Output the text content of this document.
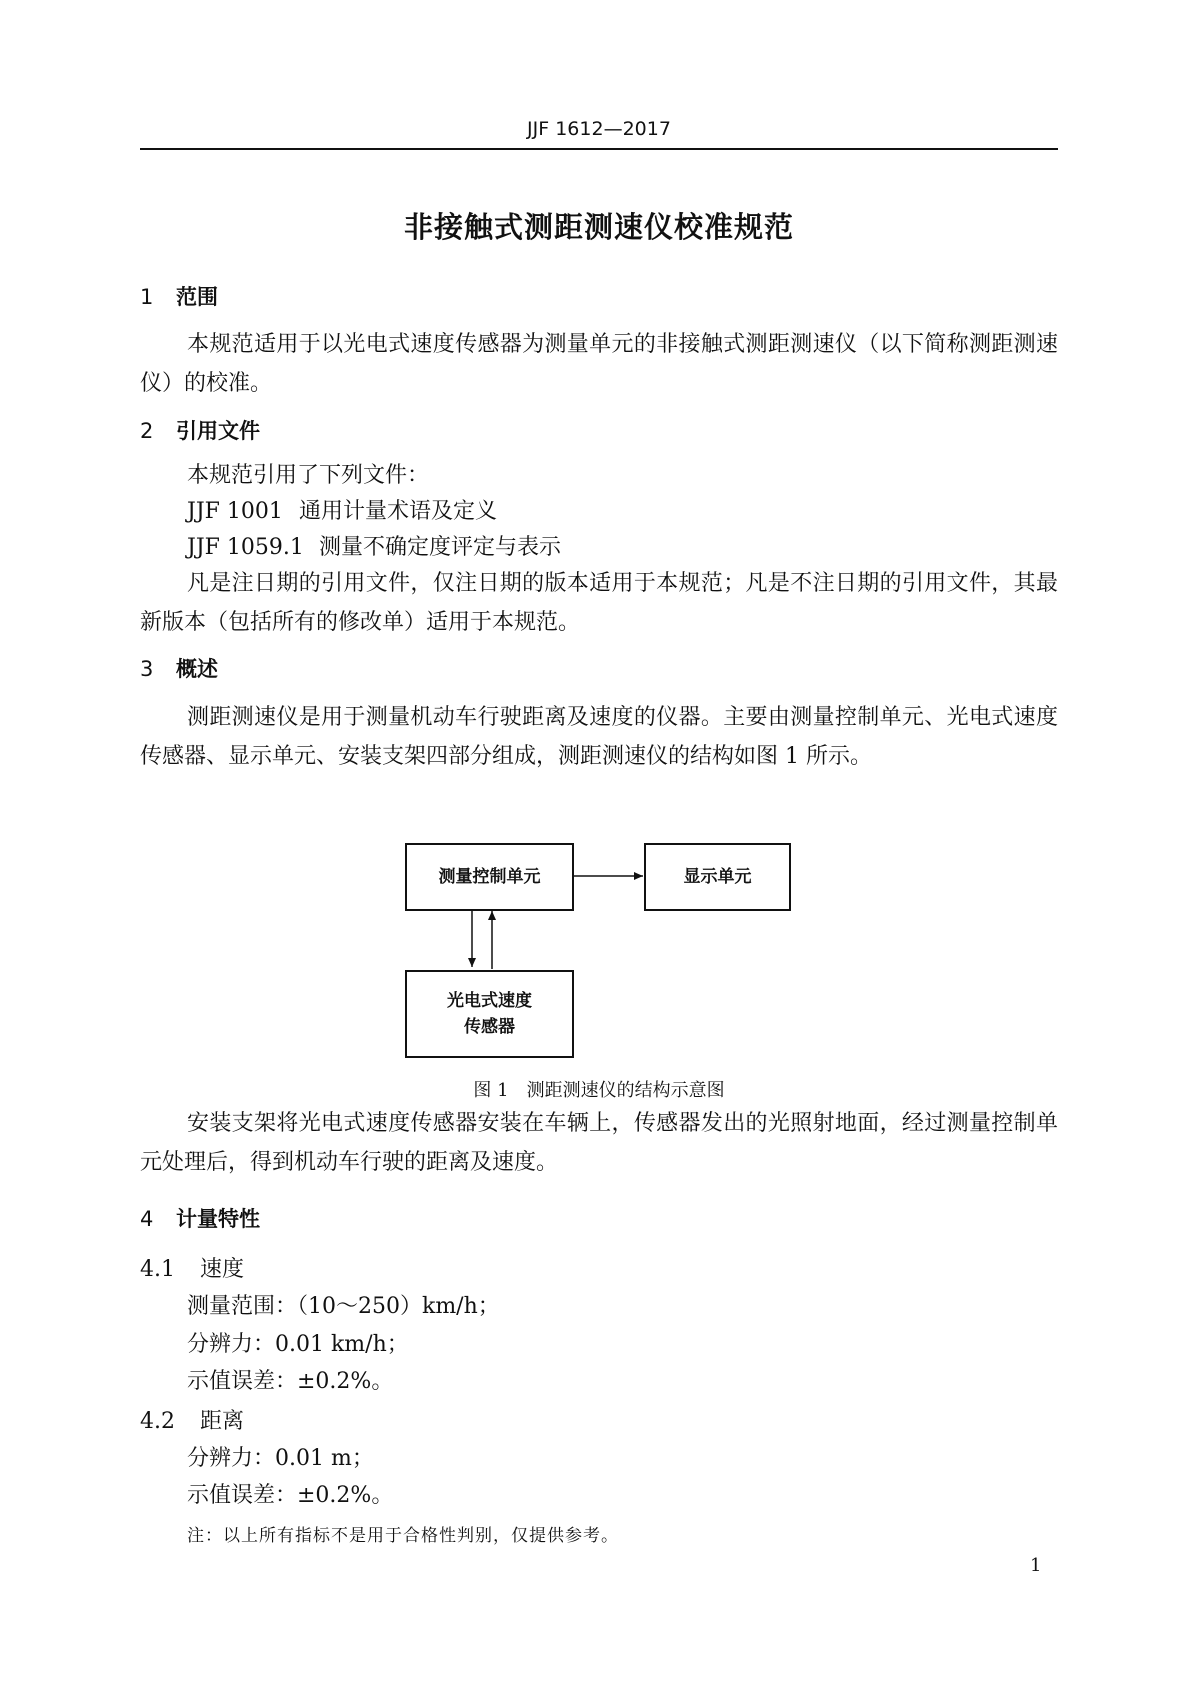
JJF 1612—2017
非接触式测距测速仪校准规范
1 范围
本规范适用于以光电式速度传感器为测量单元的非接触式测距测速仪（以下简称测距测速仪）的校准。
2 引用文件
本规范引用了下列文件：
JJF 1001 通用计量术语及定义
JJF 1059.1 测量不确定度评定与表示
凡是注日期的引用文件，仅注日期的版本适用于本规范；凡是不注日期的引用文件，其最新版本（包括所有的修改单）适用于本规范。
3 概述
测距测速仪是用于测量机动车行驶距离及速度的仪器。主要由测量控制单元、光电式速度传感器、显示单元、安装支架四部分组成，测距测速仪的结构如图 1 所示。
测量控制单元	显示单元
光电式速度
传感器
图 1　测距测速仪的结构示意图
安装支架将光电式速度传感器安装在车辆上，传感器发出的光照射地面，经过测量控制单元处理后，得到机动车行驶的距离及速度。
4 计量特性
4.1 速度
测量范围：（10～250）km/h；
分辨力：0.01 km/h；
示值误差：±0.2%。
4.2 距离
分辨力：0.01 m；
示值误差：±0.2%。
注：以上所有指标不是用于合格性判别，仅提供参考。
1
